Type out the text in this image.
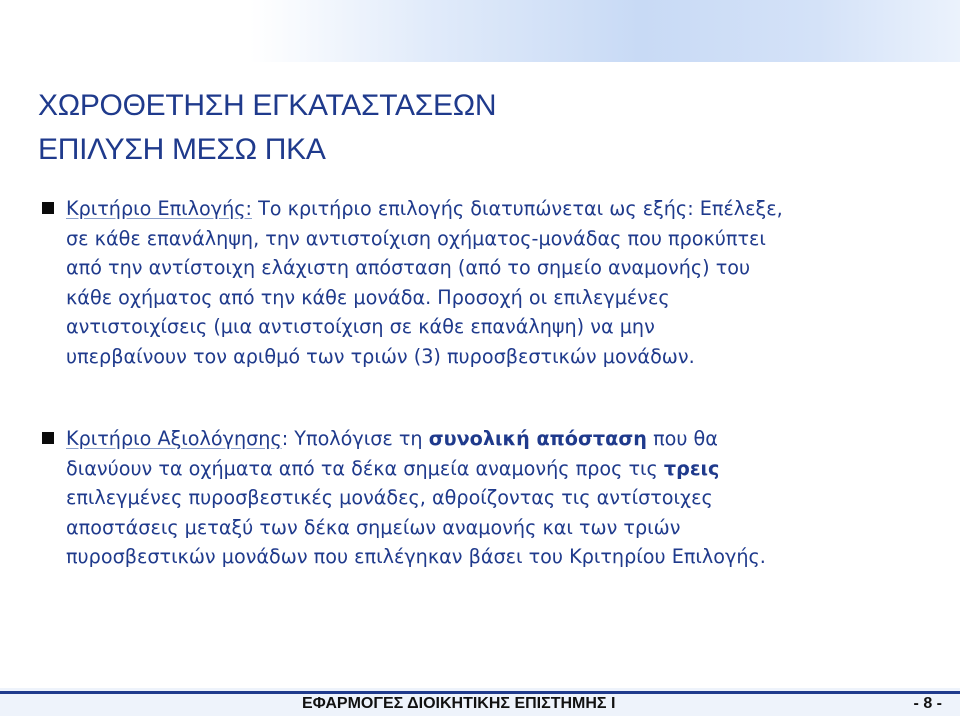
ΧΩΡΟΘΕΤΗΣΗ ΕΓΚΑΤΑΣΤΑΣΕΩΝ
ΕΠΙΛΥΣΗ ΜΕΣΩ ΠΚΑ
Κριτήριο Επιλογής: Το κριτήριο επιλογής διατυπώνεται ως εξής: Επέλεξε,
σε κάθε επανάληψη, την αντιστοίχιση οχήματος-μονάδας που προκύπτει
από την αντίστοιχη ελάχιστη απόσταση (από το σημείο αναμονής) του
κάθε οχήματος από την κάθε μονάδα. Προσοχή οι επιλεγμένες
αντιστοιχίσεις (μια αντιστοίχιση σε κάθε επανάληψη) να μην
υπερβαίνουν τον αριθμό των τριών (3) πυροσβεστικών μονάδων.
Κριτήριο Αξιολόγησης: Υπολόγισε τη συνολική απόσταση που θα
διανύουν τα οχήματα από τα δέκα σημεία αναμονής προς τις τρεις
επιλεγμένες πυροσβεστικές μονάδες, αθροίζοντας τις αντίστοιχες
αποστάσεις μεταξύ των δέκα σημείων αναμονής και των τριών
πυροσβεστικών μονάδων που επιλέγηκαν βάσει του Κριτηρίου Επιλογής.
ΕΦΑΡΜΟΓΕΣ ΔΙΟΙΚΗΤΙΚΗΣ ΕΠΙΣΤΗΜΗΣ Ι	- 8 -
